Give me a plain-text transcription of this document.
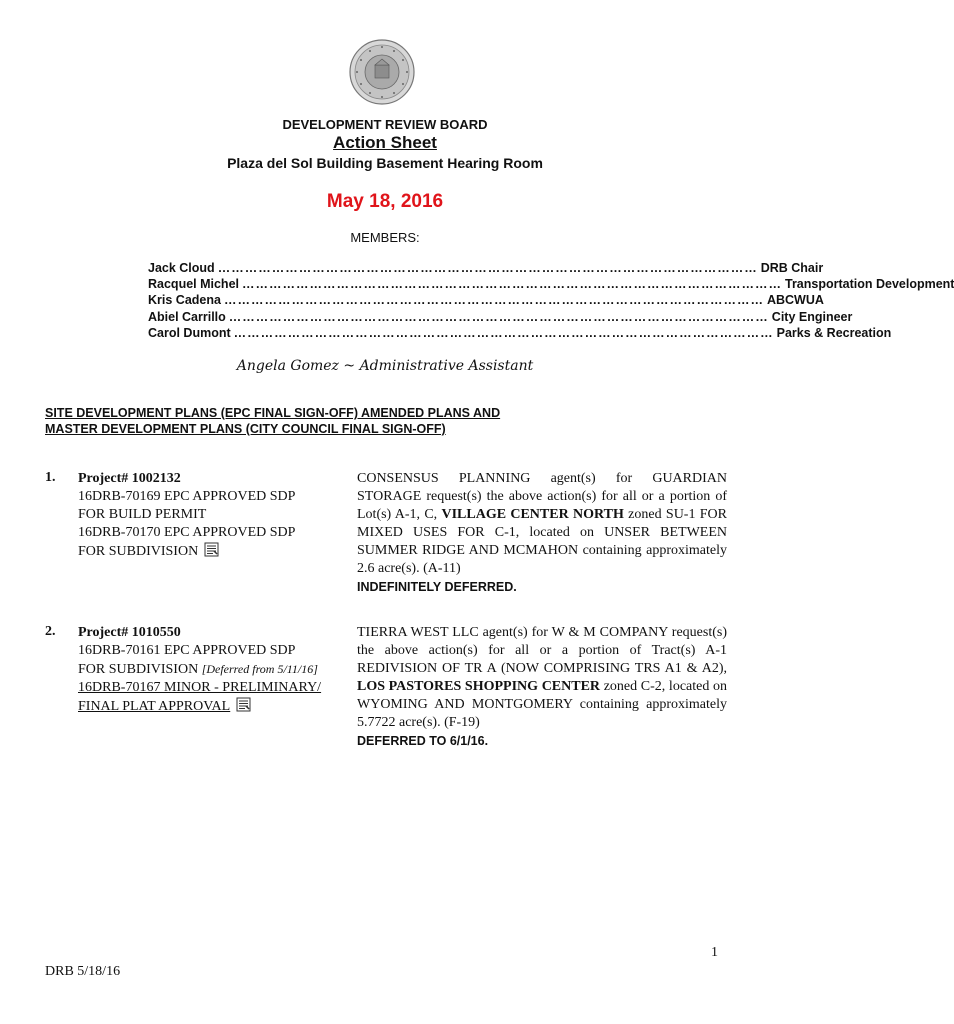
DEVELOPMENT REVIEW BOARD
Action Sheet
Plaza del Sol Building Basement Hearing Room
May 18, 2016
MEMBERS:
Jack Cloud ………………………………………………………………………………………………………… DRB Chair
Racquel Michel ………………………………………………………………………………………………………… Transportation Development
Kris Cadena ………………………………………………………………………………………………………… ABCWUA
Abiel Carrillo ………………………………………………………………………………………………………… City Engineer
Carol Dumont ………………………………………………………………………………………………………… Parks & Recreation
Angela Gomez ~ Administrative Assistant
SITE DEVELOPMENT PLANS (EPC FINAL SIGN-OFF) AMENDED PLANS AND
MASTER DEVELOPMENT PLANS (CITY COUNCIL FINAL SIGN-OFF)
1. Project# 1002132
16DRB-70169 EPC APPROVED SDP
FOR BUILD PERMIT
16DRB-70170 EPC APPROVED SDP
FOR SUBDIVISION
CONSENSUS PLANNING agent(s) for GUARDIAN STORAGE request(s) the above action(s) for all or a portion of Lot(s) A-1, C, VILLAGE CENTER NORTH zoned SU-1 FOR MIXED USES FOR C-1, located on UNSER BETWEEN SUMMER RIDGE AND MCMAHON containing approximately 2.6 acre(s). (A-11)
INDEFINITELY DEFERRED.
2. Project# 1010550
16DRB-70161 EPC APPROVED SDP
FOR SUBDIVISION [Deferred from 5/11/16]
16DRB-70167 MINOR - PRELIMINARY/
FINAL PLAT APPROVAL
TIERRA WEST LLC agent(s) for W & M COMPANY request(s) the above action(s) for all or a portion of Tract(s) A-1 REDIVISION OF TR A (NOW COMPRISING TRS A1 & A2), LOS PASTORES SHOPPING CENTER zoned C-2, located on WYOMING AND MONTGOMERY containing approximately 5.7722 acre(s). (F-19)
DEFERRED TO 6/1/16.
1
DRB 5/18/16
